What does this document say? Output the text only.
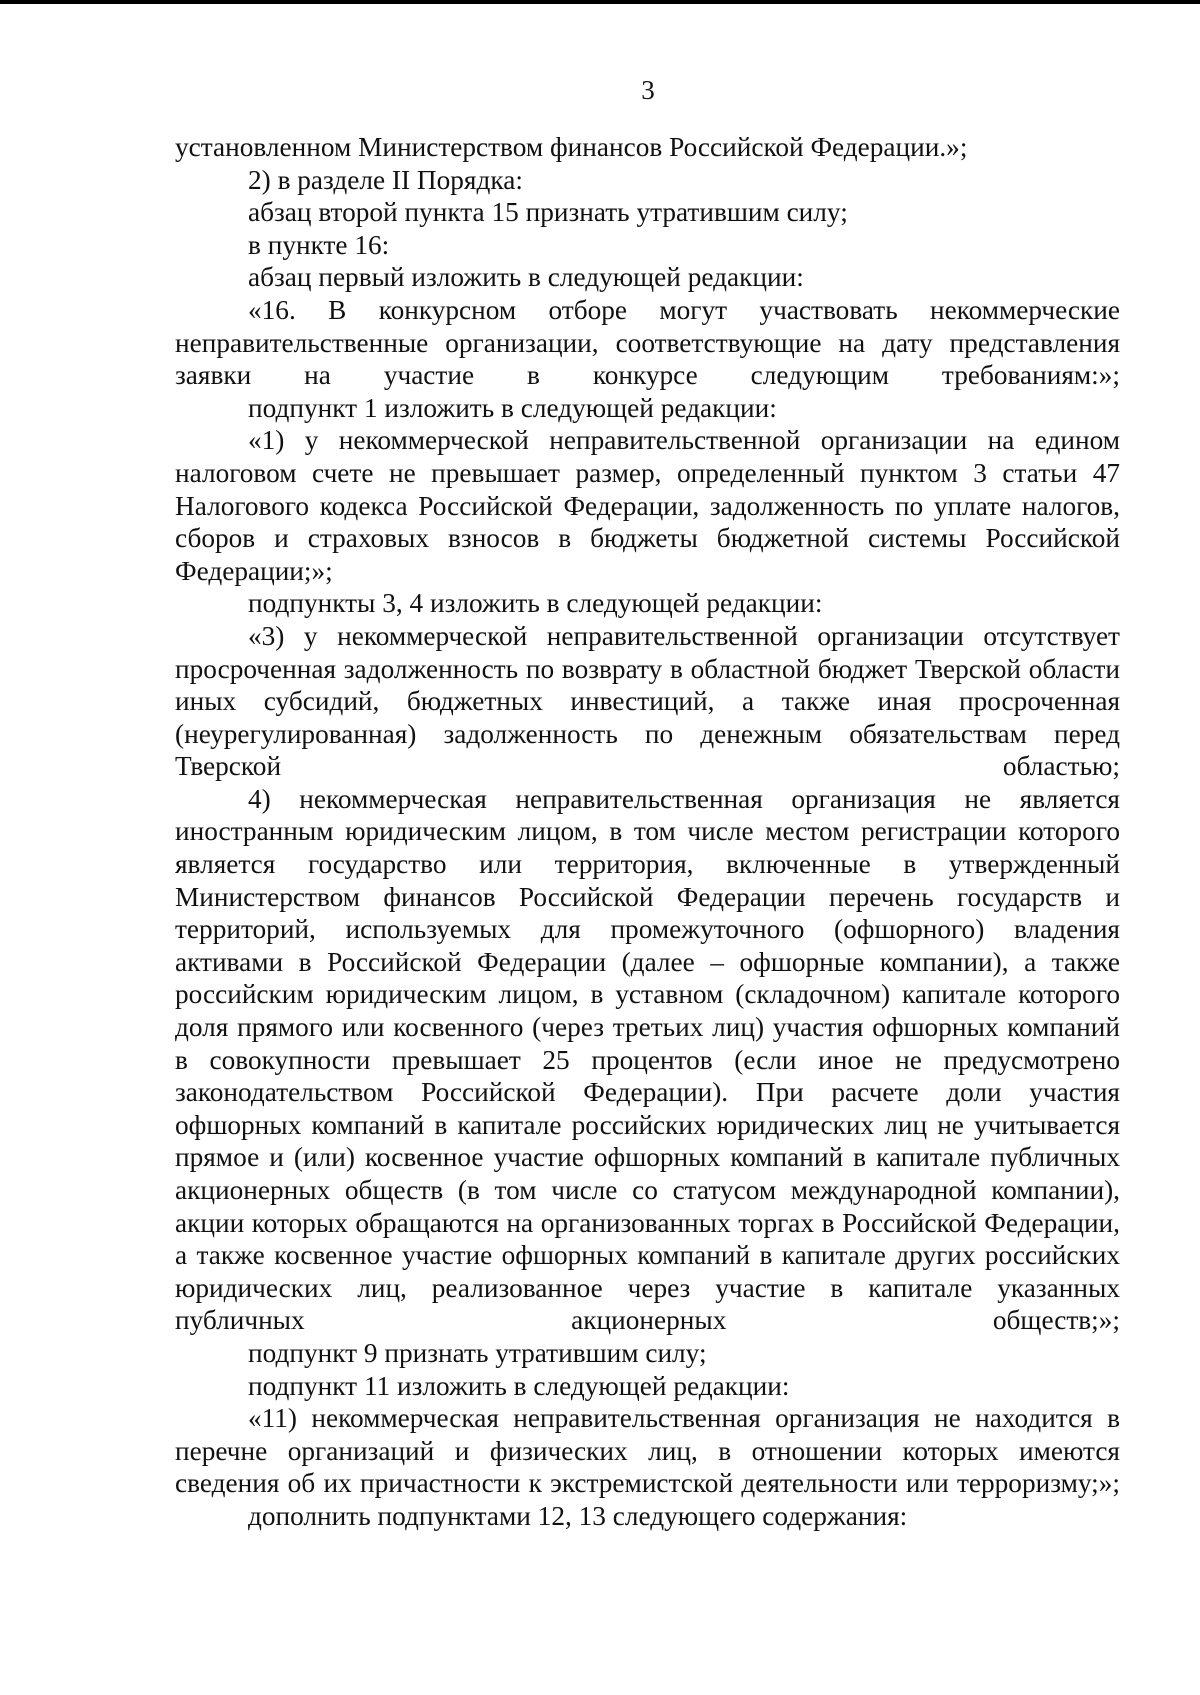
3

установленном Министерством финансов Российской Федерации.»;

2) в разделе II Порядка:

абзац второй пункта 15 признать утратившим силу;

в пункте 16:

абзац первый изложить в следующей редакции:

«16. В конкурсном отборе могут участвовать некоммерческие неправительственные организации, соответствующие на дату представления заявки на участие в конкурсе следующим требованиям:»;

подпункт 1 изложить в следующей редакции:

«1) у некоммерческой неправительственной организации на едином налоговом счете не превышает размер, определенный пунктом 3 статьи 47 Налогового кодекса Российской Федерации, задолженность по уплате налогов, сборов и страховых взносов в бюджеты бюджетной системы Российской Федерации;»;

подпункты 3, 4 изложить в следующей редакции:

«3) у некоммерческой неправительственной организации отсутствует просроченная задолженность по возврату в областной бюджет Тверской области иных субсидий, бюджетных инвестиций, а также иная просроченная (неурегулированная) задолженность по денежным обязательствам перед Тверской областью;

4) некоммерческая неправительственная организация не является иностранным юридическим лицом, в том числе местом регистрации которого является государство или территория, включенные в утвержденный Министерством финансов Российской Федерации перечень государств и территорий, используемых для промежуточного (офшорного) владения активами в Российской Федерации (далее – офшорные компании), а также российским юридическим лицом, в уставном (складочном) капитале которого доля прямого или косвенного (через третьих лиц) участия офшорных компаний в совокупности превышает 25 процентов (если иное не предусмотрено законодательством Российской Федерации). При расчете доли участия офшорных компаний в капитале российских юридических лиц не учитывается прямое и (или) косвенное участие офшорных компаний в капитале публичных акционерных обществ (в том числе со статусом международной компании), акции которых обращаются на организованных торгах в Российской Федерации, а также косвенное участие офшорных компаний в капитале других российских юридических лиц, реализованное через участие в капитале указанных публичных акционерных обществ;»;

подпункт 9 признать утратившим силу;

подпункт 11 изложить в следующей редакции:

«11) некоммерческая неправительственная организация не находится в перечне организаций и физических лиц, в отношении которых имеются сведения об их причастности к экстремистской деятельности или терроризму;»;

дополнить подпунктами 12, 13 следующего содержания:
